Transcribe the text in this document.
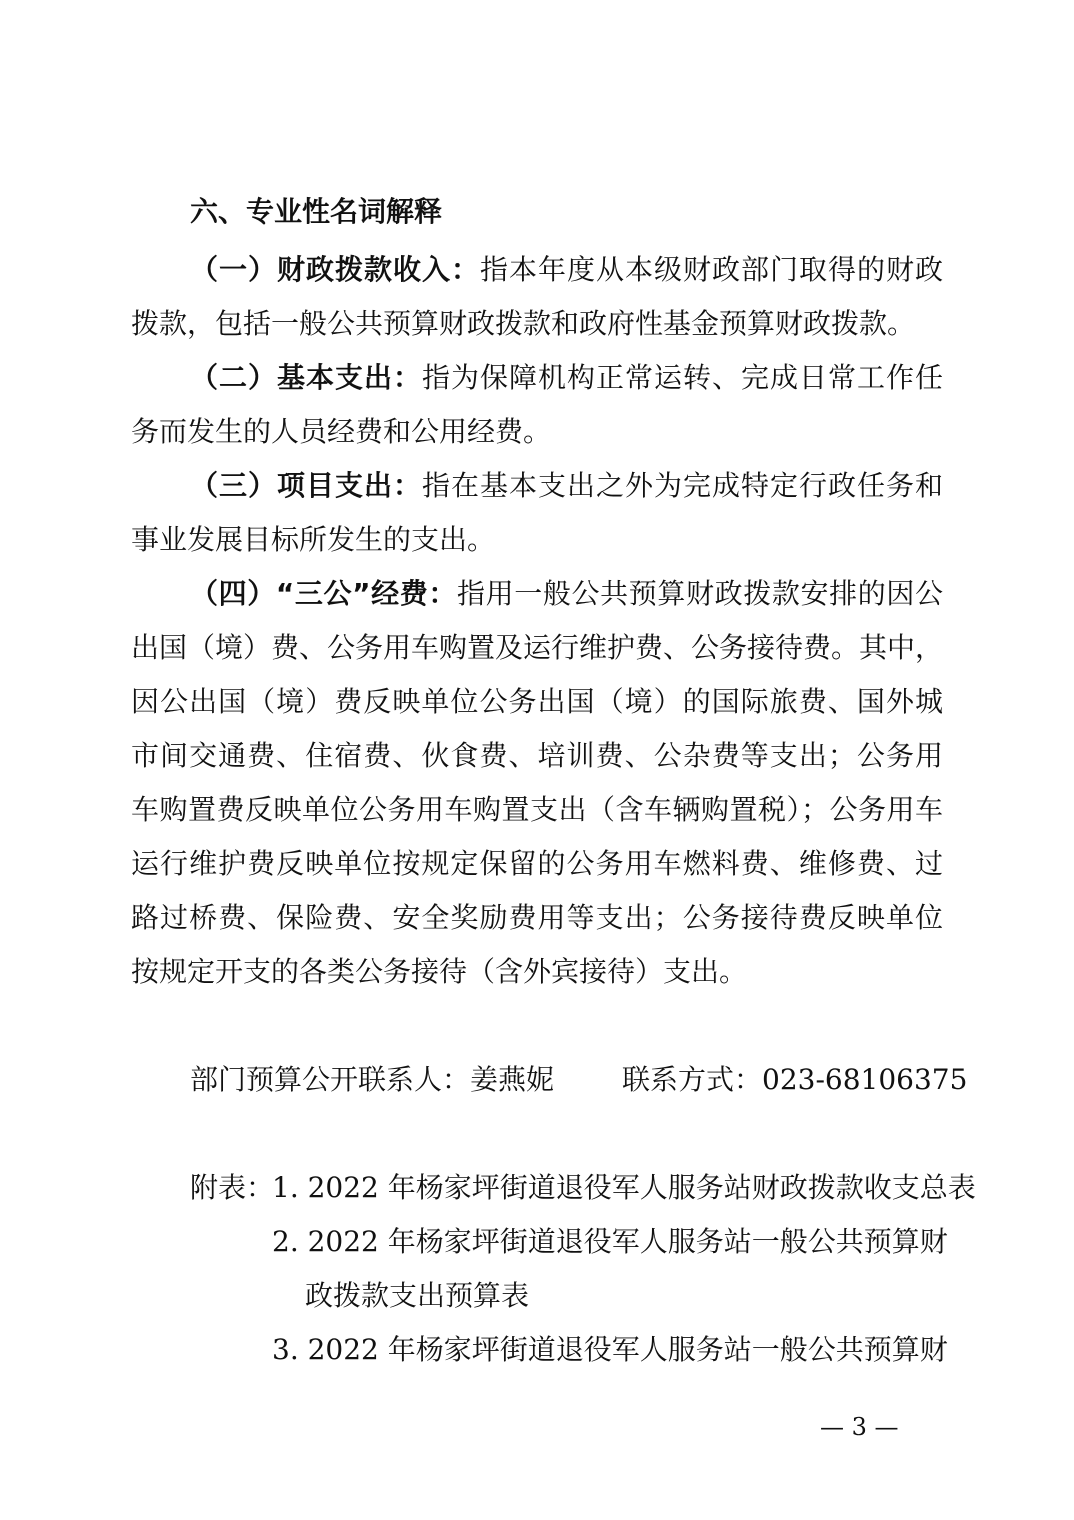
六、专业性名词解释
（一）财政拨款收入：指本年度从本级财政部门取得的财政
拨款，包括一般公共预算财政拨款和政府性基金预算财政拨款。
（二）基本支出：指为保障机构正常运转、完成日常工作任
务而发生的人员经费和公用经费。
（三）项目支出：指在基本支出之外为完成特定行政任务和
事业发展目标所发生的支出。
（四）“三公”经费：指用一般公共预算财政拨款安排的因公
出国（境）费、公务用车购置及运行维护费、公务接待费。其中，
因公出国（境）费反映单位公务出国（境）的国际旅费、国外城
市间交通费、住宿费、伙食费、培训费、公杂费等支出；公务用
车购置费反映单位公务用车购置支出（含车辆购置税）；公务用车
运行维护费反映单位按规定保留的公务用车燃料费、维修费、过
路过桥费、保险费、安全奖励费用等支出；公务接待费反映单位
按规定开支的各类公务接待（含外宾接待）支出。
部门预算公开联系人：姜燕妮 联系方式：023-68106375
附表：
1. 2022 年杨家坪街道退役军人服务站财政拨款收支总表
2. 2022 年杨家坪街道退役军人服务站一般公共预算财
政拨款支出预算表
3. 2022 年杨家坪街道退役军人服务站一般公共预算财
— 3 —
